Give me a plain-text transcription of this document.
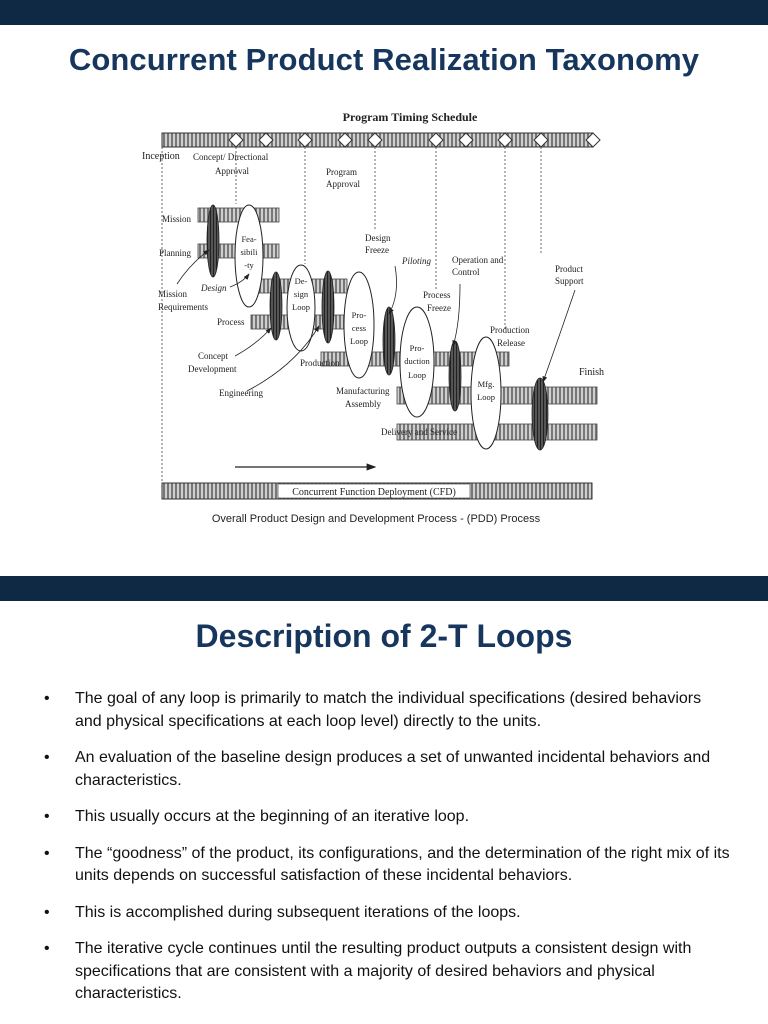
Concurrent Product Realization Taxonomy
Program Timing Schedule
Inception Concept/ Directional
Approval	Program
Approval
Design
Freeze
Piloting Operation and
Control	Product
Support
Process
Freeze
Production
Release
Finish
Fea-
sibili
-ty
De-
sign
Loop
Pro-
cess
Loop
Pro-
duction
Loop
Mfg.
Loop
Mission
Planning
Design
Mission
Requirements
Process
Concept
Development
Engineering
Production
Manufacturing
Assembly
Delivery and Service
Concurrent Function Deployment (CFD)
Overall Product Design and Development Process - (PDD) Process
Description of 2-T Loops
• The goal of any loop is primarily to match the individual specifications (desired behaviors and physical specifications at each loop level) directly to the units.
• An evaluation of the baseline design produces a set of unwanted incidental behaviors and characteristics.
• This usually occurs at the beginning of an iterative loop.
• The “goodness” of the product, its configurations, and the determination of the right mix of its units depends on successful satisfaction of these incidental behaviors.
• This is accomplished during subsequent iterations of the loops.
• The iterative cycle continues until the resulting product outputs a consistent design with specifications that are consistent with a majority of desired behaviors and physical characteristics.
